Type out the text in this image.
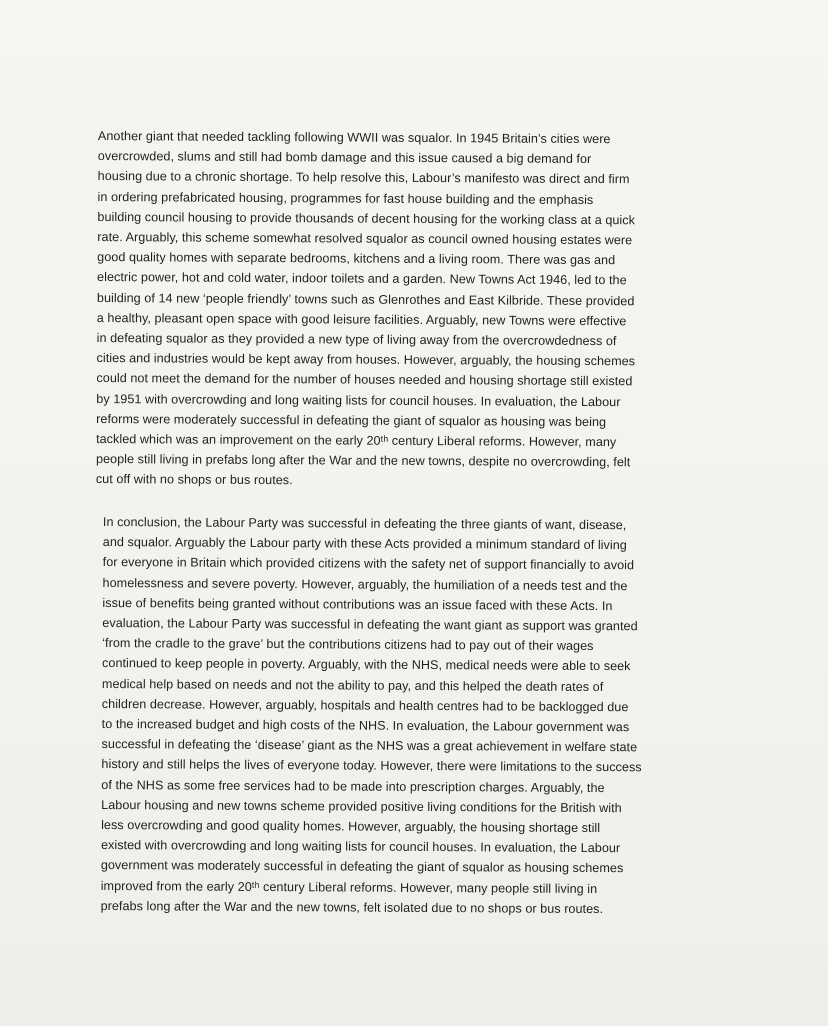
Another giant that needed tackling following WWII was squalor. In 1945 Britain’s cities were
overcrowded, slums and still had bomb damage and this issue caused a big demand for
housing due to a chronic shortage. To help resolve this, Labour’s manifesto was direct and firm
in ordering prefabricated housing, programmes for fast house building and the emphasis
building council housing to provide thousands of decent housing for the working class at a quick
rate. Arguably, this scheme somewhat resolved squalor as council owned housing estates were
good quality homes with separate bedrooms, kitchens and a living room. There was gas and
electric power, hot and cold water, indoor toilets and a garden. New Towns Act 1946, led to the
building of 14 new ‘people friendly’ towns such as Glenrothes and East Kilbride. These provided
a healthy, pleasant open space with good leisure facilities. Arguably, new Towns were effective
in defeating squalor as they provided a new type of living away from the overcrowdedness of
cities and industries would be kept away from houses. However, arguably, the housing schemes
could not meet the demand for the number of houses needed and housing shortage still existed
by 1951 with overcrowding and long waiting lists for council houses. In evaluation, the Labour
reforms were moderately successful in defeating the giant of squalor as housing was being
tackled which was an improvement on the early 20ᵗʰ century Liberal reforms. However, many
people still living in prefabs long after the War and the new towns, despite no overcrowding, felt
cut off with no shops or bus routes.

In conclusion, the Labour Party was successful in defeating the three giants of want, disease,
and squalor. Arguably the Labour party with these Acts provided a minimum standard of living
for everyone in Britain which provided citizens with the safety net of support financially to avoid
homelessness and severe poverty. However, arguably, the humiliation of a needs test and the
issue of benefits being granted without contributions was an issue faced with these Acts. In
evaluation, the Labour Party was successful in defeating the want giant as support was granted
‘from the cradle to the grave’ but the contributions citizens had to pay out of their wages
continued to keep people in poverty. Arguably, with the NHS, medical needs were able to seek
medical help based on needs and not the ability to pay, and this helped the death rates of
children decrease. However, arguably, hospitals and health centres had to be backlogged due
to the increased budget and high costs of the NHS. In evaluation, the Labour government was
successful in defeating the ‘disease’ giant as the NHS was a great achievement in welfare state
history and still helps the lives of everyone today. However, there were limitations to the success
of the NHS as some free services had to be made into prescription charges. Arguably, the
Labour housing and new towns scheme provided positive living conditions for the British with
less overcrowding and good quality homes. However, arguably, the housing shortage still
existed with overcrowding and long waiting lists for council houses. In evaluation, the Labour
government was moderately successful in defeating the giant of squalor as housing schemes
improved from the early 20ᵗʰ century Liberal reforms. However, many people still living in
prefabs long after the War and the new towns, felt isolated due to no shops or bus routes.
